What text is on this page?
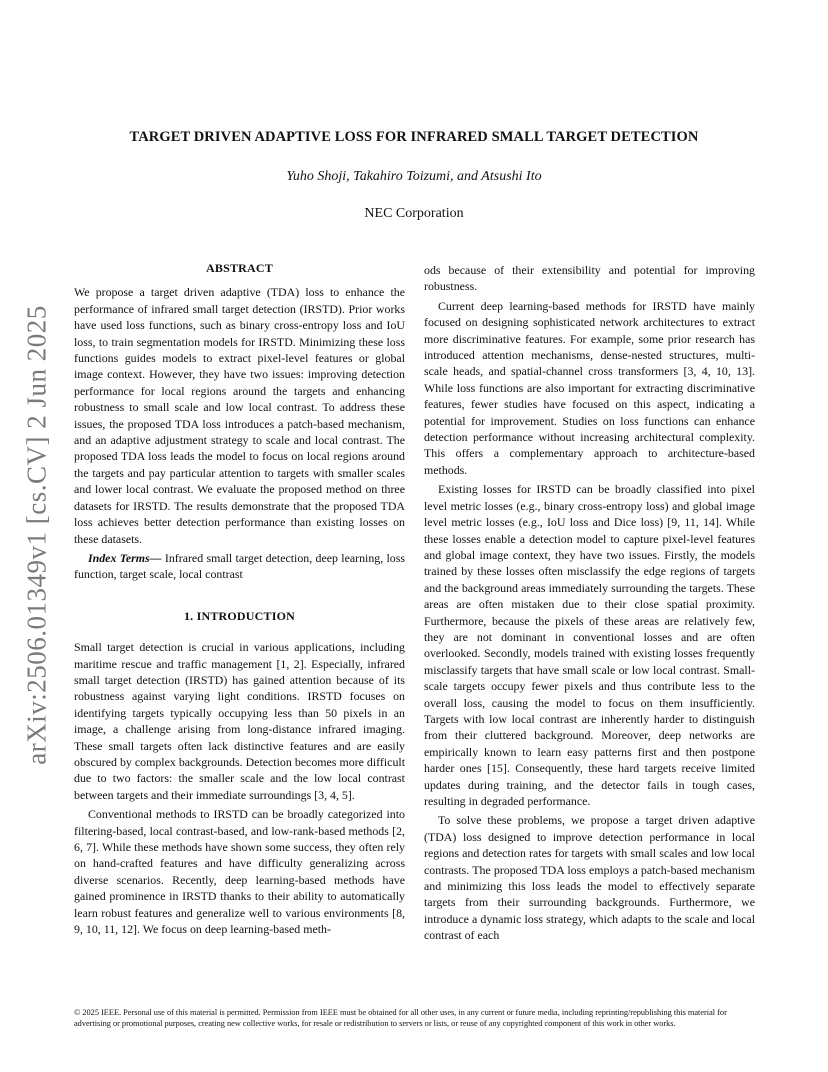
arXiv:2506.01349v1 [cs.CV] 2 Jun 2025
TARGET DRIVEN ADAPTIVE LOSS FOR INFRARED SMALL TARGET DETECTION
Yuho Shoji, Takahiro Toizumi, and Atsushi Ito
NEC Corporation
ABSTRACT

We propose a target driven adaptive (TDA) loss to enhance the performance of infrared small target detection (IRSTD). Prior works have used loss functions, such as binary cross-entropy loss and IoU loss, to train segmentation models for IRSTD. Minimizing these loss functions guides models to extract pixel-level features or global image context. However, they have two issues: improving detection performance for local regions around the targets and enhancing robustness to small scale and low local contrast. To address these issues, the proposed TDA loss introduces a patch-based mechanism, and an adaptive adjustment strategy to scale and local contrast. The proposed TDA loss leads the model to focus on local regions around the targets and pay particular attention to targets with smaller scales and lower local contrast. We evaluate the proposed method on three datasets for IRSTD. The results demonstrate that the proposed TDA loss achieves better detection performance than existing losses on these datasets.

Index Terms— Infrared small target detection, deep learning, loss function, target scale, local contrast

1. INTRODUCTION

Small target detection is crucial in various applications, including maritime rescue and traffic management [1, 2]. Especially, infrared small target detection (IRSTD) has gained attention because of its robustness against varying light conditions. IRSTD focuses on identifying targets typically occupying less than 50 pixels in an image, a challenge arising from long-distance infrared imaging. These small targets often lack distinctive features and are easily obscured by complex backgrounds. Detection becomes more difficult due to two factors: the smaller scale and the low local contrast between targets and their immediate surroundings [3, 4, 5].

Conventional methods to IRSTD can be broadly categorized into filtering-based, local contrast-based, and low-rank-based methods [2, 6, 7]. While these methods have shown some success, they often rely on hand-crafted features and have difficulty generalizing across diverse scenarios. Recently, deep learning-based methods have gained prominence in IRSTD thanks to their ability to automatically learn robust features and generalize well to various environments [8, 9, 10, 11, 12]. We focus on deep learning-based meth-

ods because of their extensibility and potential for improving robustness.

Current deep learning-based methods for IRSTD have mainly focused on designing sophisticated network architectures to extract more discriminative features. For example, some prior research has introduced attention mechanisms, dense-nested structures, multi-scale heads, and spatial-channel cross transformers [3, 4, 10, 13]. While loss functions are also important for extracting discriminative features, fewer studies have focused on this aspect, indicating a potential for improvement. Studies on loss functions can enhance detection performance without increasing architectural complexity. This offers a complementary approach to architecture-based methods.

Existing losses for IRSTD can be broadly classified into pixel level metric losses (e.g., binary cross-entropy loss) and global image level metric losses (e.g., IoU loss and Dice loss) [9, 11, 14]. While these losses enable a detection model to capture pixel-level features and global image context, they have two issues. Firstly, the models trained by these losses often misclassify the edge regions of targets and the background areas immediately surrounding the targets. These areas are often mistaken due to their close spatial proximity. Furthermore, because the pixels of these areas are relatively few, they are not dominant in conventional losses and are often overlooked. Secondly, models trained with existing losses frequently misclassify targets that have small scale or low local contrast. Small-scale targets occupy fewer pixels and thus contribute less to the overall loss, causing the model to focus on them insufficiently. Targets with low local contrast are inherently harder to distinguish from their cluttered background. Moreover, deep networks are empirically known to learn easy patterns first and then postpone harder ones [15]. Consequently, these hard targets receive limited updates during training, and the detector fails in tough cases, resulting in degraded performance.

To solve these problems, we propose a target driven adaptive (TDA) loss designed to improve detection performance in local regions and detection rates for targets with small scales and low local contrasts. The proposed TDA loss employs a patch-based mechanism and minimizing this loss leads the model to effectively separate targets from their surrounding backgrounds. Furthermore, we introduce a dynamic loss strategy, which adapts to the scale and local contrast of each

© 2025 IEEE. Personal use of this material is permitted. Permission from IEEE must be obtained for all other uses, in any current or future media, including reprinting/republishing this material for advertising or promotional purposes, creating new collective works, for resale or redistribution to servers or lists, or reuse of any copyrighted component of this work in other works.
